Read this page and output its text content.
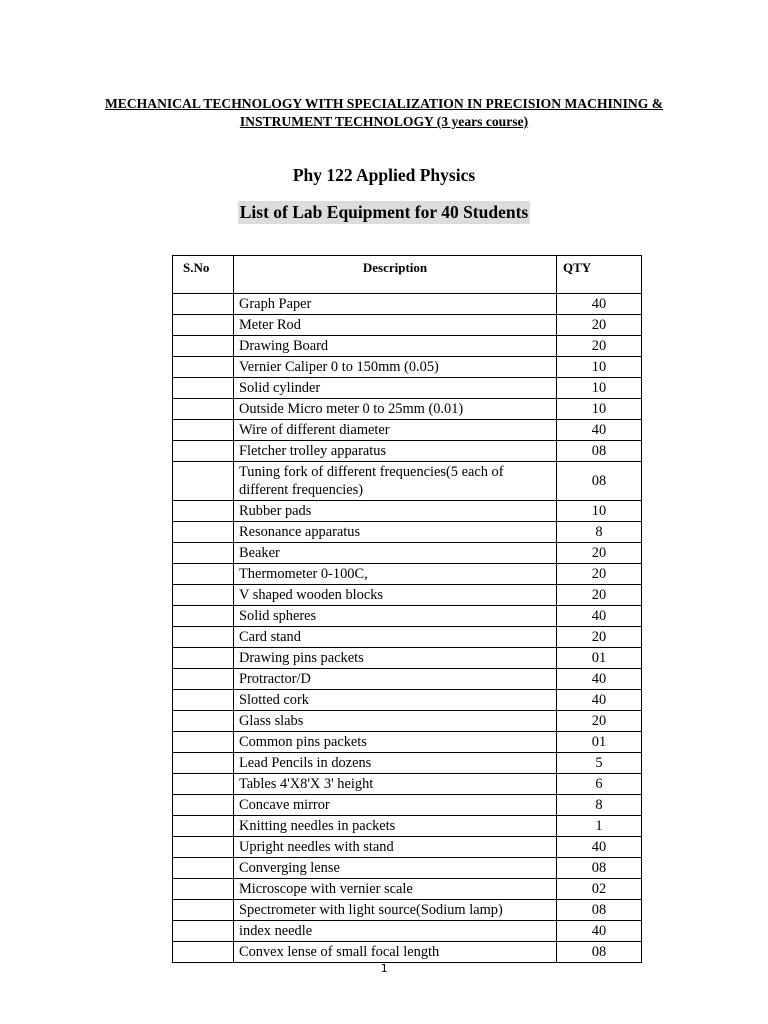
MECHANICAL TECHNOLOGY WITH SPECIALIZATION IN PRECISION MACHINING &
INSTRUMENT TECHNOLOGY (3 years course)
Phy 122 Applied Physics
List of Lab Equipment for 40 Students
S.No	Description	QTY
	Graph Paper	40
	Meter Rod	20
	Drawing Board	20
	Vernier Caliper 0 to 150mm (0.05)	10
	Solid cylinder	10
	Outside Micro meter 0 to 25mm (0.01)	10
	Wire of different diameter	40
	Fletcher trolley apparatus	08
	Tuning fork of different frequencies(5 each of different frequencies)	08
	Rubber pads	10
	Resonance apparatus	8
	Beaker	20
	Thermometer 0-100C,	20
	V shaped wooden blocks	20
	Solid spheres	40
	Card stand	20
	Drawing pins packets	01
	Protractor/D	40
	Slotted cork	40
	Glass slabs	20
	Common pins packets	01
	Lead Pencils in dozens	5
	Tables 4'X8'X 3' height	6
	Concave mirror	8
	Knitting needles in packets	1
	Upright needles with stand	40
	Converging lense	08
	Microscope with vernier scale	02
	Spectrometer with light source(Sodium lamp)	08
	index needle	40
	Convex lense of small focal length	08
1
